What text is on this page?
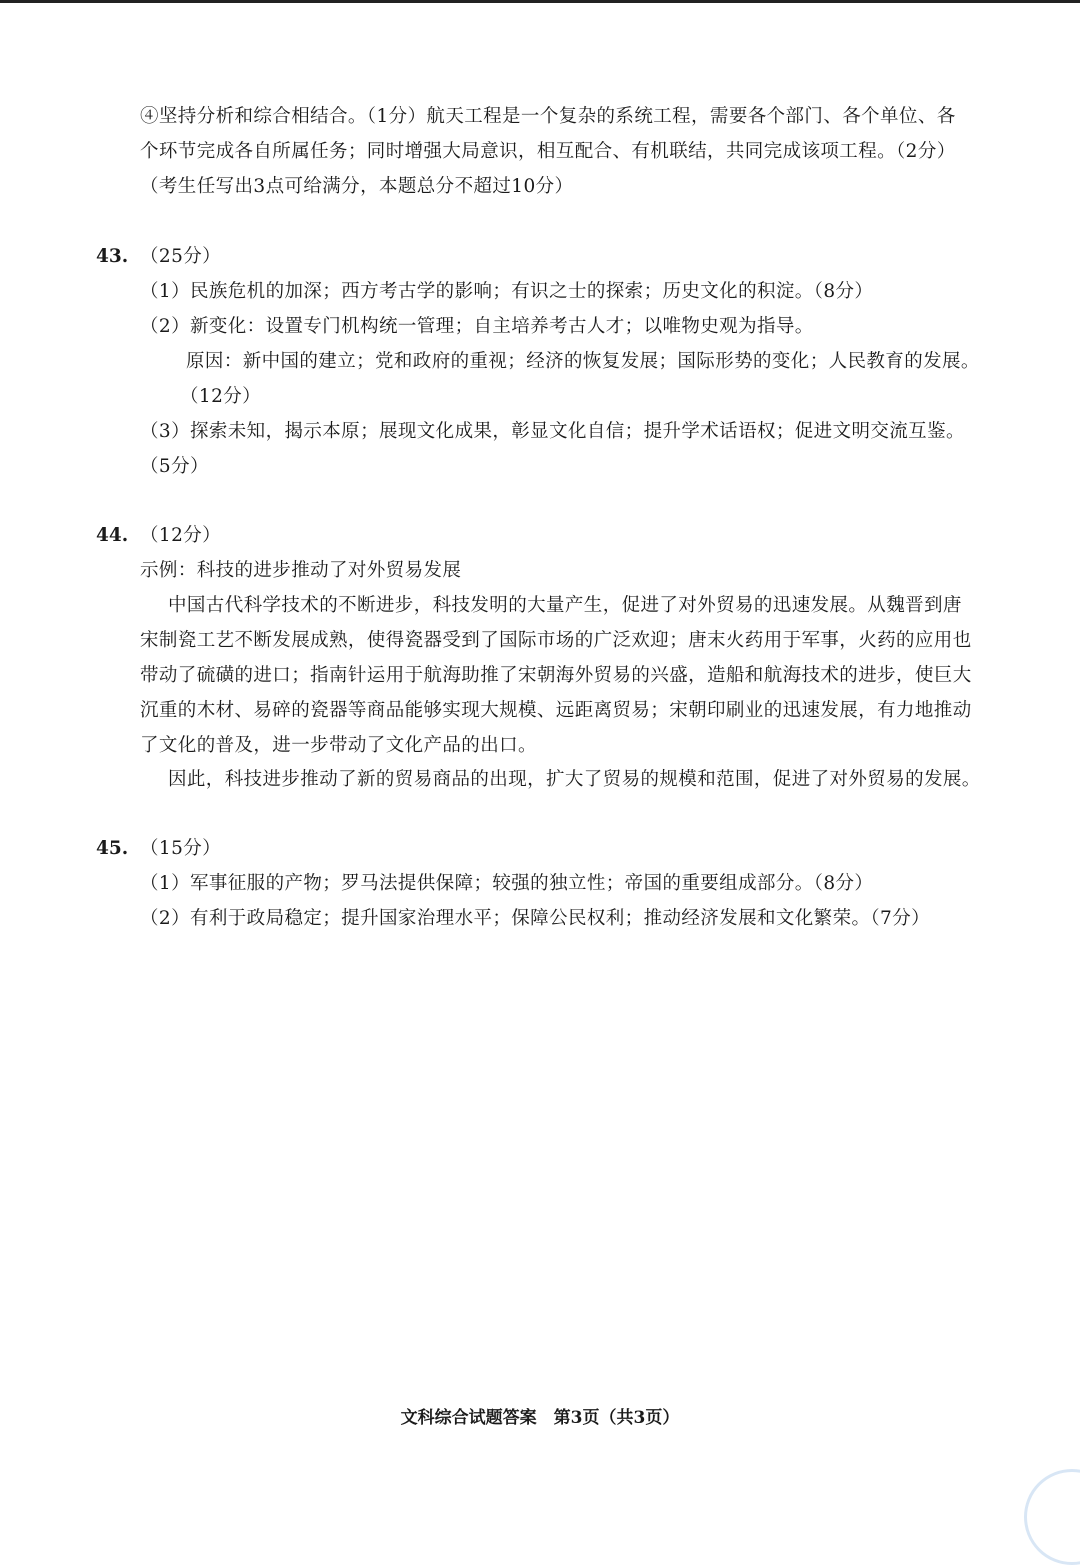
④坚持分析和综合相结合。（1分）航天工程是一个复杂的系统工程，需要各个部门、各个单位、各
个环节完成各自所属任务；同时增强大局意识，相互配合、有机联结，共同完成该项工程。（2分）
（考生任写出3点可给满分，本题总分不超过10分）
43. （25分）
（1）民族危机的加深；西方考古学的影响；有识之士的探索；历史文化的积淀。（8分）
（2）新变化：设置专门机构统一管理；自主培养考古人才；以唯物史观为指导。
原因：新中国的建立；党和政府的重视；经济的恢复发展；国际形势的变化；人民教育的发展。
（12分）
（3）探索未知，揭示本原；展现文化成果，彰显文化自信；提升学术话语权；促进文明交流互鉴。
（5分）
44. （12分）
示例：科技的进步推动了对外贸易发展
中国古代科学技术的不断进步，科技发明的大量产生，促进了对外贸易的迅速发展。从魏晋到唐
宋制瓷工艺不断发展成熟，使得瓷器受到了国际市场的广泛欢迎；唐末火药用于军事，火药的应用也
带动了硫磺的进口；指南针运用于航海助推了宋朝海外贸易的兴盛，造船和航海技术的进步，使巨大
沉重的木材、易碎的瓷器等商品能够实现大规模、远距离贸易；宋朝印刷业的迅速发展，有力地推动
了文化的普及，进一步带动了文化产品的出口。
因此，科技进步推动了新的贸易商品的出现，扩大了贸易的规模和范围，促进了对外贸易的发展。
45. （15分）
（1）军事征服的产物；罗马法提供保障；较强的独立性；帝国的重要组成部分。（8分）
（2）有利于政局稳定；提升国家治理水平；保障公民权利；推动经济发展和文化繁荣。（7分）
文科综合试题答案　第3页（共3页）
